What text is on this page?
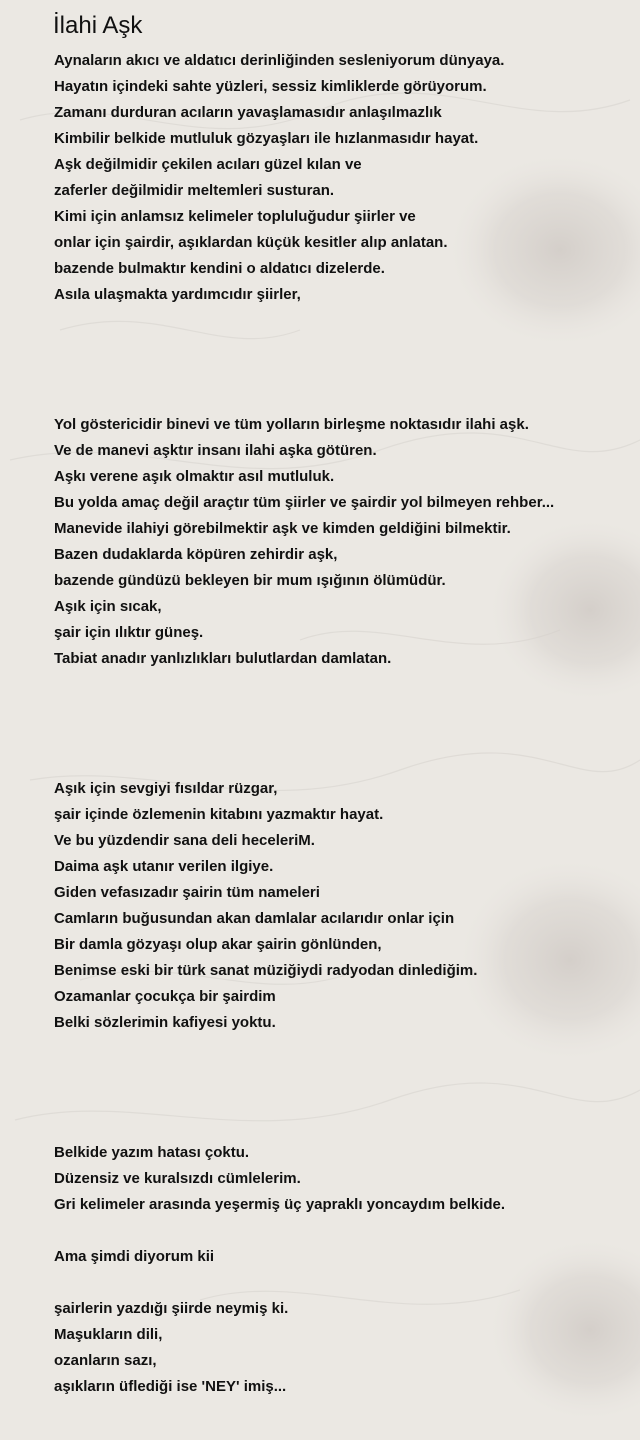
İlahi Aşk
Aynaların akıcı ve aldatıcı derinliğinden sesleniyorum dünyaya.
Hayatın içindeki sahte yüzleri, sessiz kimliklerde görüyorum.
Zamanı durduran acıların yavaşlamasıdır anlaşılmazlık
Kimbilir belkide mutluluk gözyaşları ile hızlanmasıdır hayat.
Aşk değilmidir çekilen acıları güzel kılan ve
zaferler değilmidir meltemleri susturan.
Kimi için anlamsız kelimeler topluluğudur şiirler ve
onlar için şairdir, aşıklardan küçük kesitler alıp anlatan.
bazende bulmaktır kendini o aldatıcı dizelerde.
Asıla ulaşmakta yardımcıdır şiirler,
Yol göstericidir binevi ve tüm yolların birleşme noktasıdır ilahi aşk.
Ve de manevi aşktır insanı ilahi aşka götüren.
Aşkı verene aşık olmaktır asıl mutluluk.
Bu yolda amaç değil araçtır tüm şiirler ve şairdir yol bilmeyen rehber...
Manevide ilahiyi görebilmektir aşk ve kimden geldiğini bilmektir.
Bazen dudaklarda köpüren zehirdir aşk,
bazende gündüzü bekleyen bir mum ışığının ölümüdür.
Aşık için sıcak,
şair için ılıktır güneş.
Tabiat anadır yanlızlıkları bulutlardan damlatan.
Aşık için sevgiyi fısıldar rüzgar,
şair içinde özlemenin kitabını yazmaktır hayat.
Ve bu yüzdendir sana deli heceleriM.
Daima aşk utanır verilen ilgiye.
Giden vefasızadır şairin tüm nameleri
Camların buğusundan akan damlalar acılarıdır onlar için
Bir damla gözyaşı olup akar şairin gönlünden,
Benimse eski bir türk sanat müziğiydi radyodan dinlediğim.
Ozamanlar çocukça bir şairdim
Belki sözlerimin kafiyesi yoktu.
Belkide yazım hatası çoktu.
Düzensiz ve kuralsızdı cümlelerim.
Gri kelimeler arasında yeşermiş üç yapraklı yoncaydım belkide.
Ama şimdi diyorum kii
şairlerin yazdığı şiirde neymiş ki.
Maşukların dili,
ozanların sazı,
aşıkların üflediği ise 'NEY' imiş...
